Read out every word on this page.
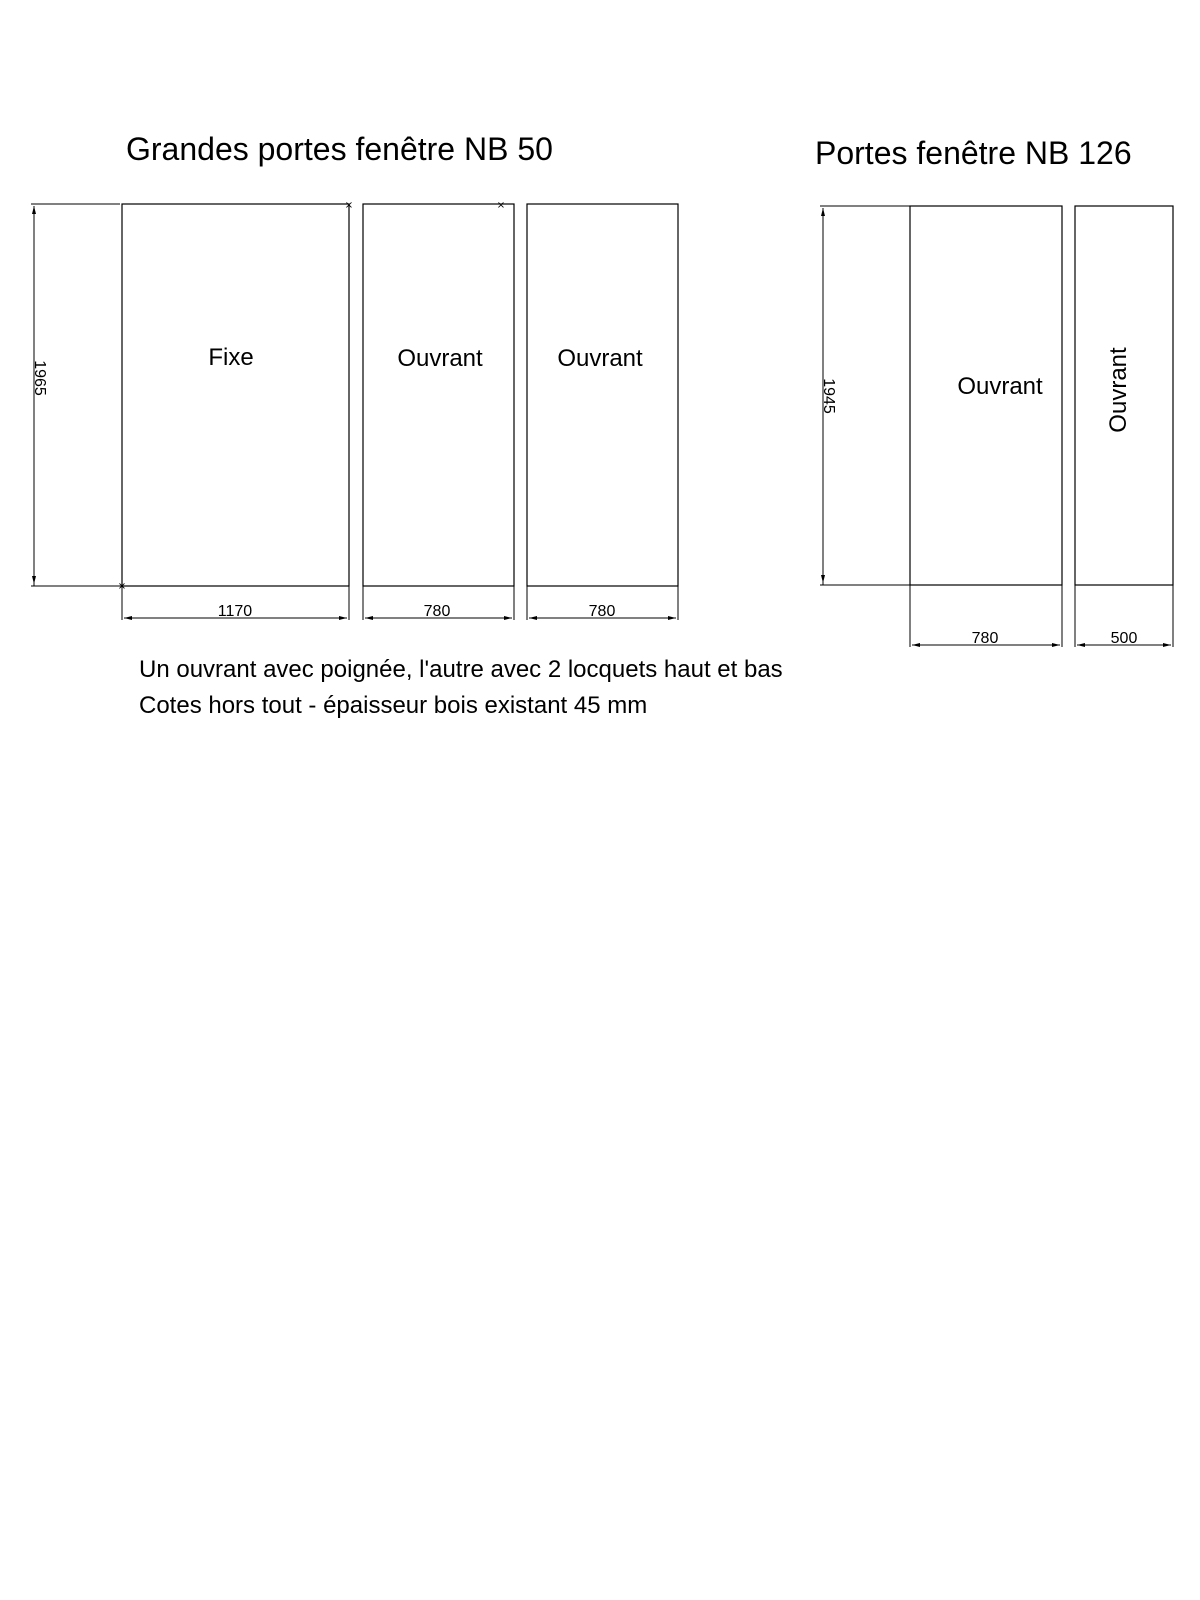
Grandes portes fenêtre NB 50
1965
Fixe
×
×
1170
Ouvrant
×
780
Ouvrant
780
Portes fenêtre NB 126
1945	Ouvrant
780
Ouvrant
500
Un ouvrant avec poignée, l'autre avec 2 locquets haut et bas
Cotes hors tout - épaisseur bois existant 45 mm
